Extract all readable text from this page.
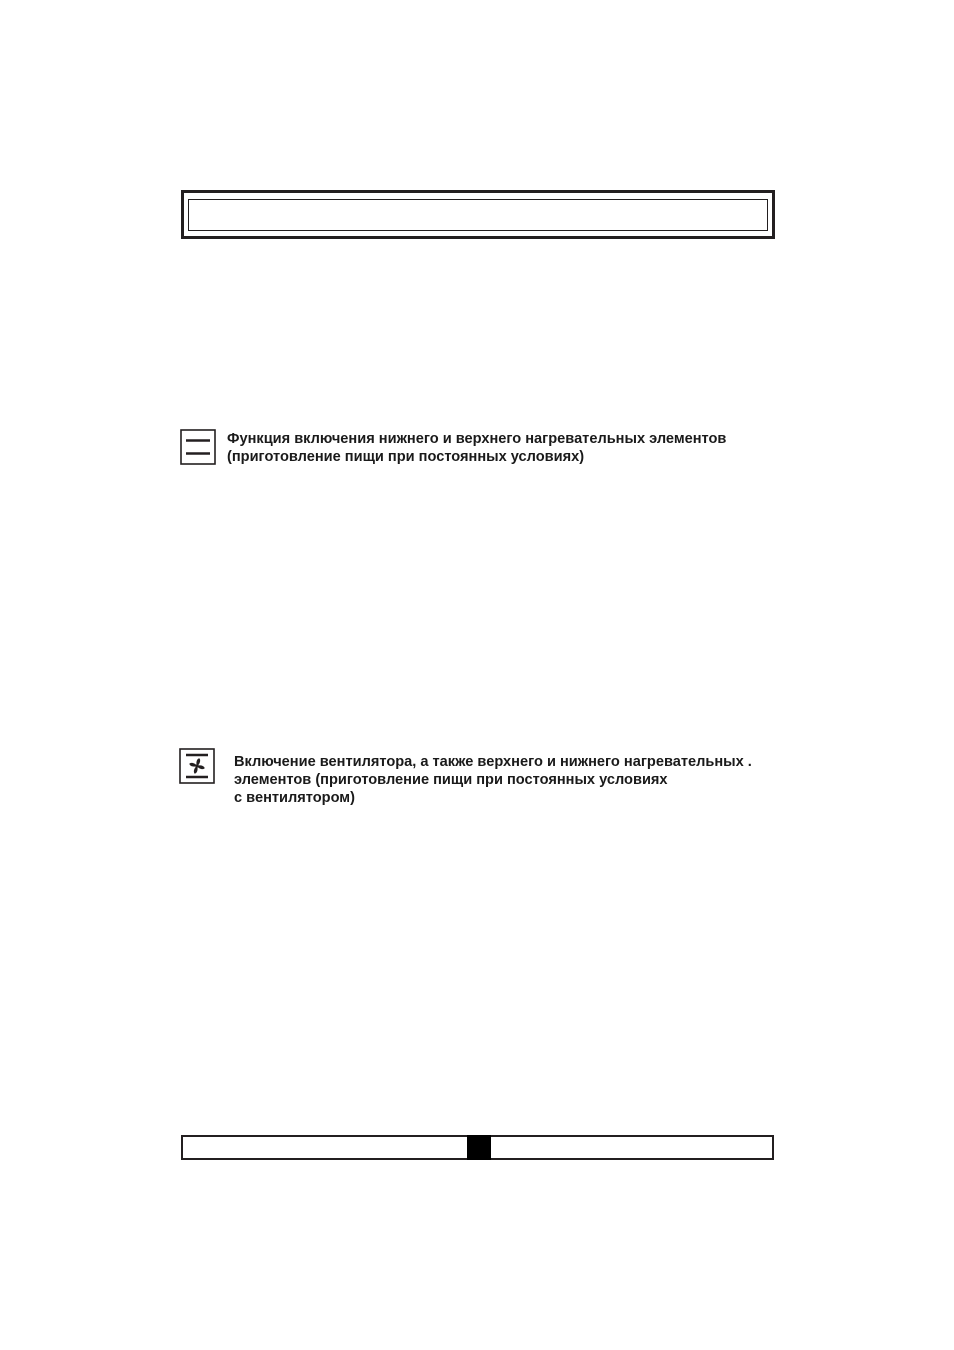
Функция включения нижнего и верхнего нагревательных элементов
(приготовление пищи при постоянных условиях)
Включение вентилятора, а также верхнего и нижнего нагревательных .
элементов (приготовление пищи при постоянных условиях
с вентилятором)
